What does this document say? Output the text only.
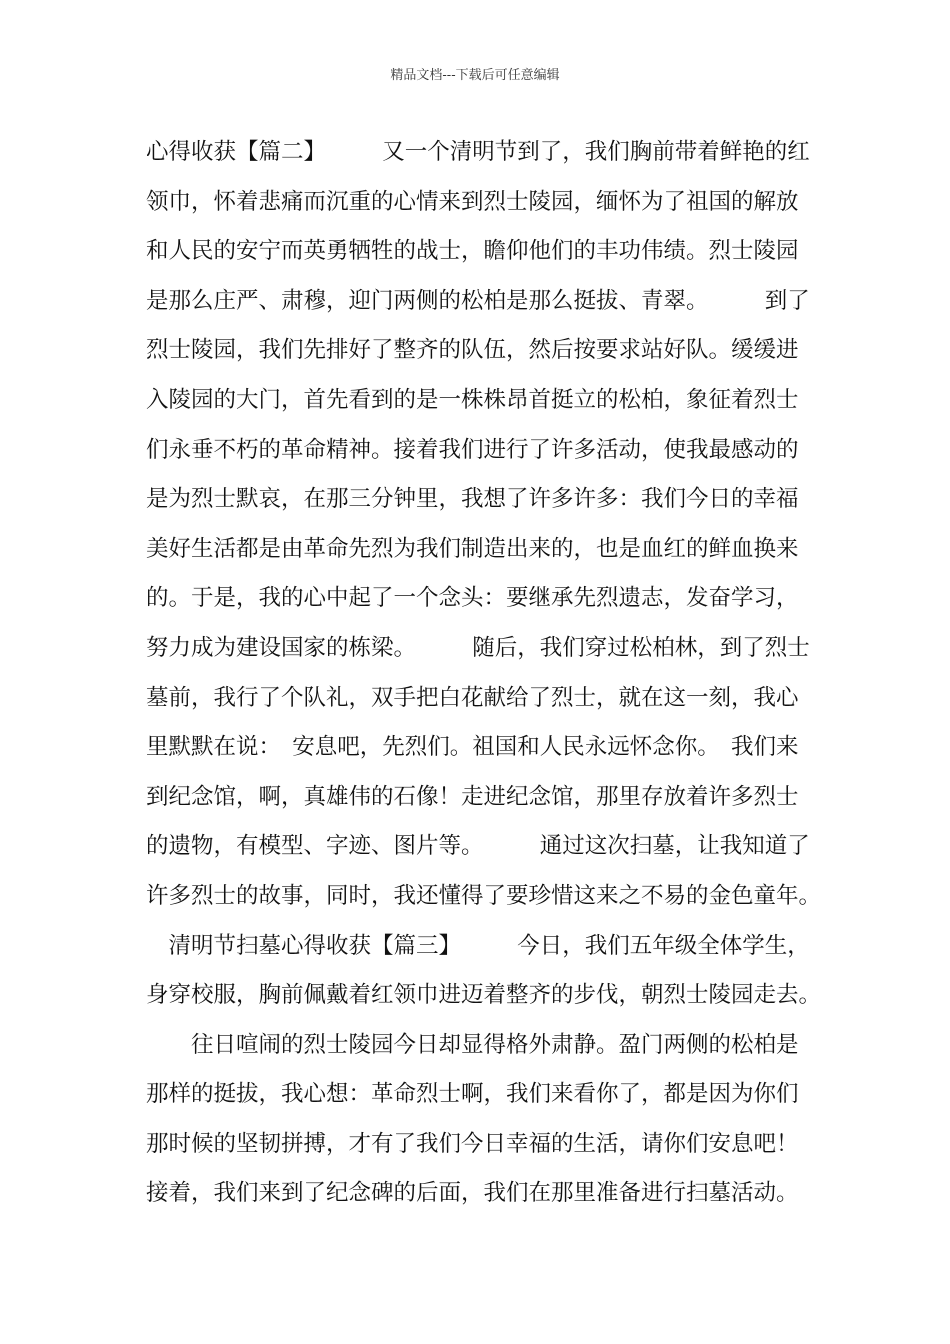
精品文档---下载后可任意编辑
心得收获【篇二】　　　又一个清明节到了，我们胸前带着鲜艳的红
领巾，怀着悲痛而沉重的心情来到烈士陵园，缅怀为了祖国的解放
和人民的安宁而英勇牺牲的战士，瞻仰他们的丰功伟绩。烈士陵园
是那么庄严、肃穆，迎门两侧的松柏是那么挺拔、青翠。　　　到了
烈士陵园，我们先排好了整齐的队伍，然后按要求站好队。缓缓进
入陵园的大门，首先看到的是一株株昂首挺立的松柏，象征着烈士
们永垂不朽的革命精神。接着我们进行了许多活动，使我最感动的
是为烈士默哀，在那三分钟里，我想了许多许多：我们今日的幸福
美好生活都是由革命先烈为我们制造出来的，也是血红的鲜血换来
的。于是，我的心中起了一个念头：要继承先烈遗志，发奋学习，
努力成为建设国家的栋梁。　　　随后，我们穿过松柏林，到了烈士
墓前，我行了个队礼，双手把白花献给了烈士，就在这一刻，我心
里默默在说：　安息吧，先烈们。祖国和人民永远怀念你。　我们来
到纪念馆，啊，真雄伟的石像！走进纪念馆，那里存放着许多烈士
的遗物，有模型、字迹、图片等。　　　通过这次扫墓，让我知道了
许多烈士的故事，同时，我还懂得了要珍惜这来之不易的金色童年。
　清明节扫墓心得收获【篇三】　　　今日，我们五年级全体学生，
身穿校服，胸前佩戴着红领巾进迈着整齐的步伐，朝烈士陵园走去。
　　往日喧闹的烈士陵园今日却显得格外肃静。盈门两侧的松柏是
那样的挺拔，我心想：革命烈士啊，我们来看你了，都是因为你们
那时候的坚韧拼搏，才有了我们今日幸福的生活，请你们安息吧！
接着，我们来到了纪念碑的后面，我们在那里准备进行扫墓活动。
